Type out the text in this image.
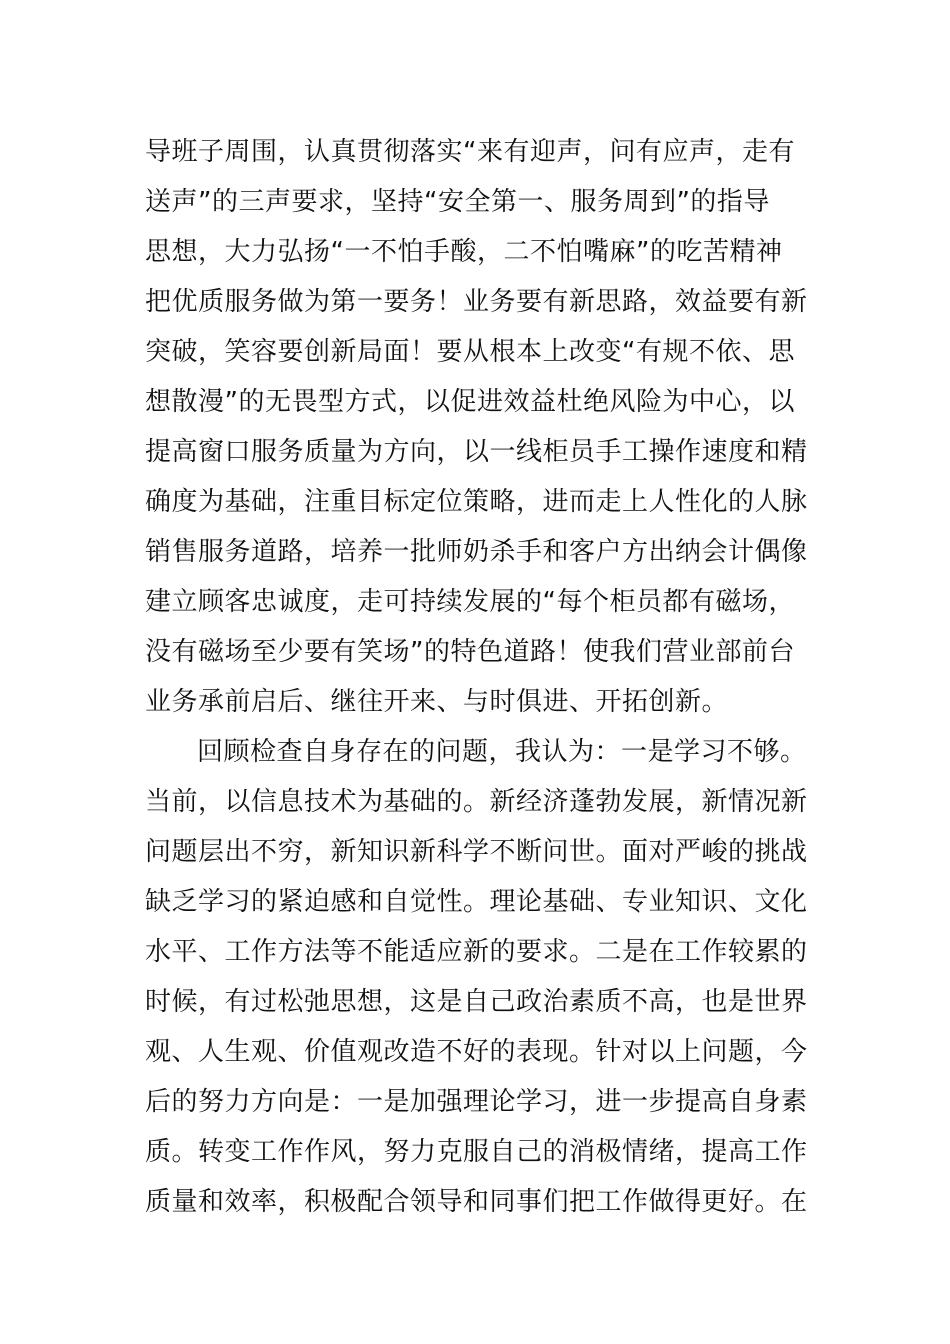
导班子周围，认真贯彻落实“来有迎声，问有应声，走有
送声”的三声要求，坚持“安全第一、服务周到”的指导
思想，大力弘扬“一不怕手酸，二不怕嘴麻”的吃苦精神
把优质服务做为第一要务！业务要有新思路，效益要有新
突破，笑容要创新局面！要从根本上改变“有规不依、思
想散漫”的无畏型方式，以促进效益杜绝风险为中心，以
提高窗口服务质量为方向，以一线柜员手工操作速度和精
确度为基础，注重目标定位策略，进而走上人性化的人脉
销售服务道路，培养一批师奶杀手和客户方出纳会计偶像
建立顾客忠诚度，走可持续发展的“每个柜员都有磁场，
没有磁场至少要有笑场”的特色道路！使我们营业部前台
业务承前启后、继往开来、与时俱进、开拓创新。
回顾检查自身存在的问题，我认为：一是学习不够。
当前，以信息技术为基础的。新经济蓬勃发展，新情况新
问题层出不穷，新知识新科学不断问世。面对严峻的挑战
缺乏学习的紧迫感和自觉性。理论基础、专业知识、文化
水平、工作方法等不能适应新的要求。二是在工作较累的
时候，有过松弛思想，这是自己政治素质不高，也是世界
观、人生观、价值观改造不好的表现。针对以上问题，今
后的努力方向是：一是加强理论学习，进一步提高自身素
质。转变工作作风，努力克服自己的消极情绪，提高工作
质量和效率，积极配合领导和同事们把工作做得更好。在
